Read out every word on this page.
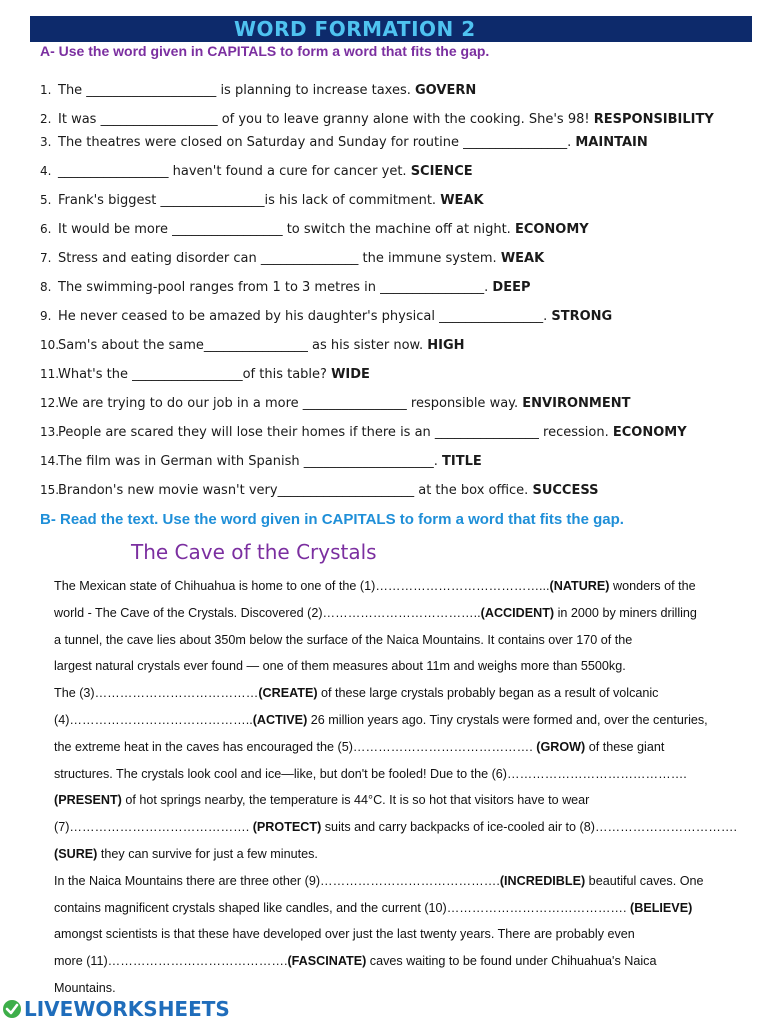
WORD FORMATION 2
A- Use the word given in CAPITALS to form a word that fits the gap.
1. The ____________________ is planning to increase taxes. GOVERN
2. It was __________________ of you to leave granny alone with the cooking. She's 98! RESPONSIBILITY
3. The theatres were closed on Saturday and Sunday for routine ________________. MAINTAIN
4. _________________ haven't found a cure for cancer yet. SCIENCE
5. Frank's biggest ________________is his lack of commitment. WEAK
6. It would be more _________________ to switch the machine off at night. ECONOMY
7. Stress and eating disorder can _______________ the immune system. WEAK
8. The swimming-pool ranges from 1 to 3 metres in ________________. DEEP
9. He never ceased to be amazed by his daughter's physical ________________. STRONG
10.Sam's about the same________________ as his sister now. HIGH
11.What's the _________________of this table? WIDE
12.We are trying to do our job in a more ________________ responsible way. ENVIRONMENT
13.People are scared they will lose their homes if there is an ________________ recession. ECONOMY
14.The film was in German with Spanish ____________________. TITLE
15.Brandon's new movie wasn't very_____________________ at the box office. SUCCESS
B- Read the text. Use the word given in CAPITALS to form a word that fits the gap.
The Cave of the Crystals
The Mexican state of Chihuahua is home to one of the (1)…………………………………...(NATURE) wonders of the
world - The Cave of the Crystals. Discovered (2)………………………………..(ACCIDENT) in 2000 by miners drilling
a tunnel, the cave lies about 350m below the surface of the Naica Mountains. It contains over 170 of the
largest natural crystals ever found — one of them measures about 11m and weighs more than 5500kg.
The (3)…………………………………(CREATE) of these large crystals probably began as a result of volcanic
(4)……………………………………..(ACTIVE) 26 million years ago. Tiny crystals were formed and, over the centuries,
the extreme heat in the caves has encouraged the (5)……………………………………. (GROW) of these giant
structures. The crystals look cool and ice—like, but don't be fooled! Due to the (6)…………………………………….
(PRESENT) of hot springs nearby, the temperature is 44°C. It is so hot that visitors have to wear
(7)……………………………………. (PROTECT) suits and carry backpacks of ice-cooled air to (8)…………………………….
(SURE) they can survive for just a few minutes.
In the Naica Mountains there are three other (9)…………………………………….(INCREDIBLE) beautiful caves. One
contains magnificent crystals shaped like candles, and the current (10)……………………………………. (BELIEVE)
amongst scientists is that these have developed over just the last twenty years. There are probably even
more (11)…………………………………….(FASCINATE) caves waiting to be found under Chihuahua's Naica
Mountains.
LIVEWORKSHEETS
